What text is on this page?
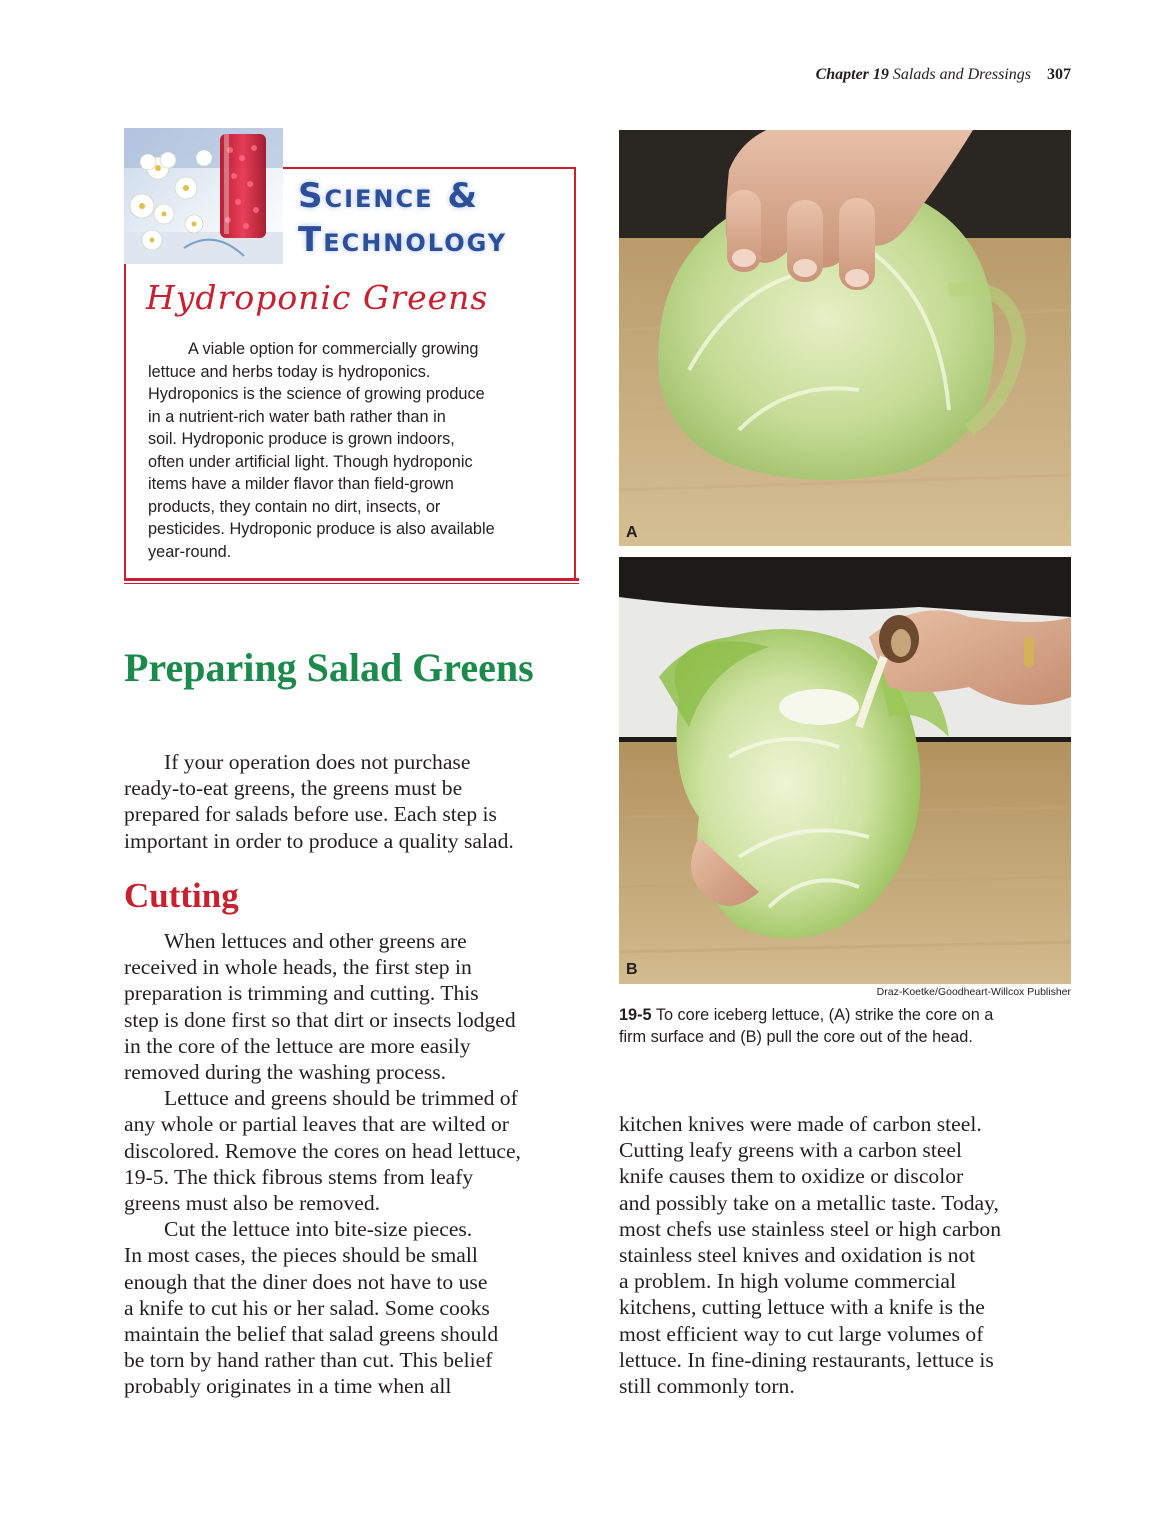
Chapter 19 Salads and Dressings 307
Science &
Technology
Hydroponic Greens
A viable option for commercially growing
lettuce and herbs today is hydroponics.
Hydroponics is the science of growing produce
in a nutrient-rich water bath rather than in
soil. Hydroponic produce is grown indoors,
often under artificial light. Though hydroponic
items have a milder flavor than field-grown
products, they contain no dirt, insects, or
pesticides. Hydroponic produce is also available
year-round.
A
B
Draz-Koetke/Goodheart-Willcox Publisher
19-5 To core iceberg lettuce, (A) strike the core on a
firm surface and (B) pull the core out of the head.
Preparing Salad Greens
If your operation does not purchase
ready-to-eat greens, the greens must be
prepared for salads before use. Each step is
important in order to produce a quality salad.
Cutting
When lettuces and other greens are
received in whole heads, the first step in
preparation is trimming and cutting. This
step is done first so that dirt or insects lodged
in the core of the lettuce are more easily
removed during the washing process.
Lettuce and greens should be trimmed of
any whole or partial leaves that are wilted or
discolored. Remove the cores on head lettuce,
19-5. The thick fibrous stems from leafy
greens must also be removed.
Cut the lettuce into bite-size pieces.
In most cases, the pieces should be small
enough that the diner does not have to use
a knife to cut his or her salad. Some cooks
maintain the belief that salad greens should
be torn by hand rather than cut. This belief
probably originates in a time when all
kitchen knives were made of carbon steel.
Cutting leafy greens with a carbon steel
knife causes them to oxidize or discolor
and possibly take on a metallic taste. Today,
most chefs use stainless steel or high carbon
stainless steel knives and oxidation is not
a problem. In high volume commercial
kitchens, cutting lettuce with a knife is the
most efficient way to cut large volumes of
lettuce. In fine-dining restaurants, lettuce is
still commonly torn.
